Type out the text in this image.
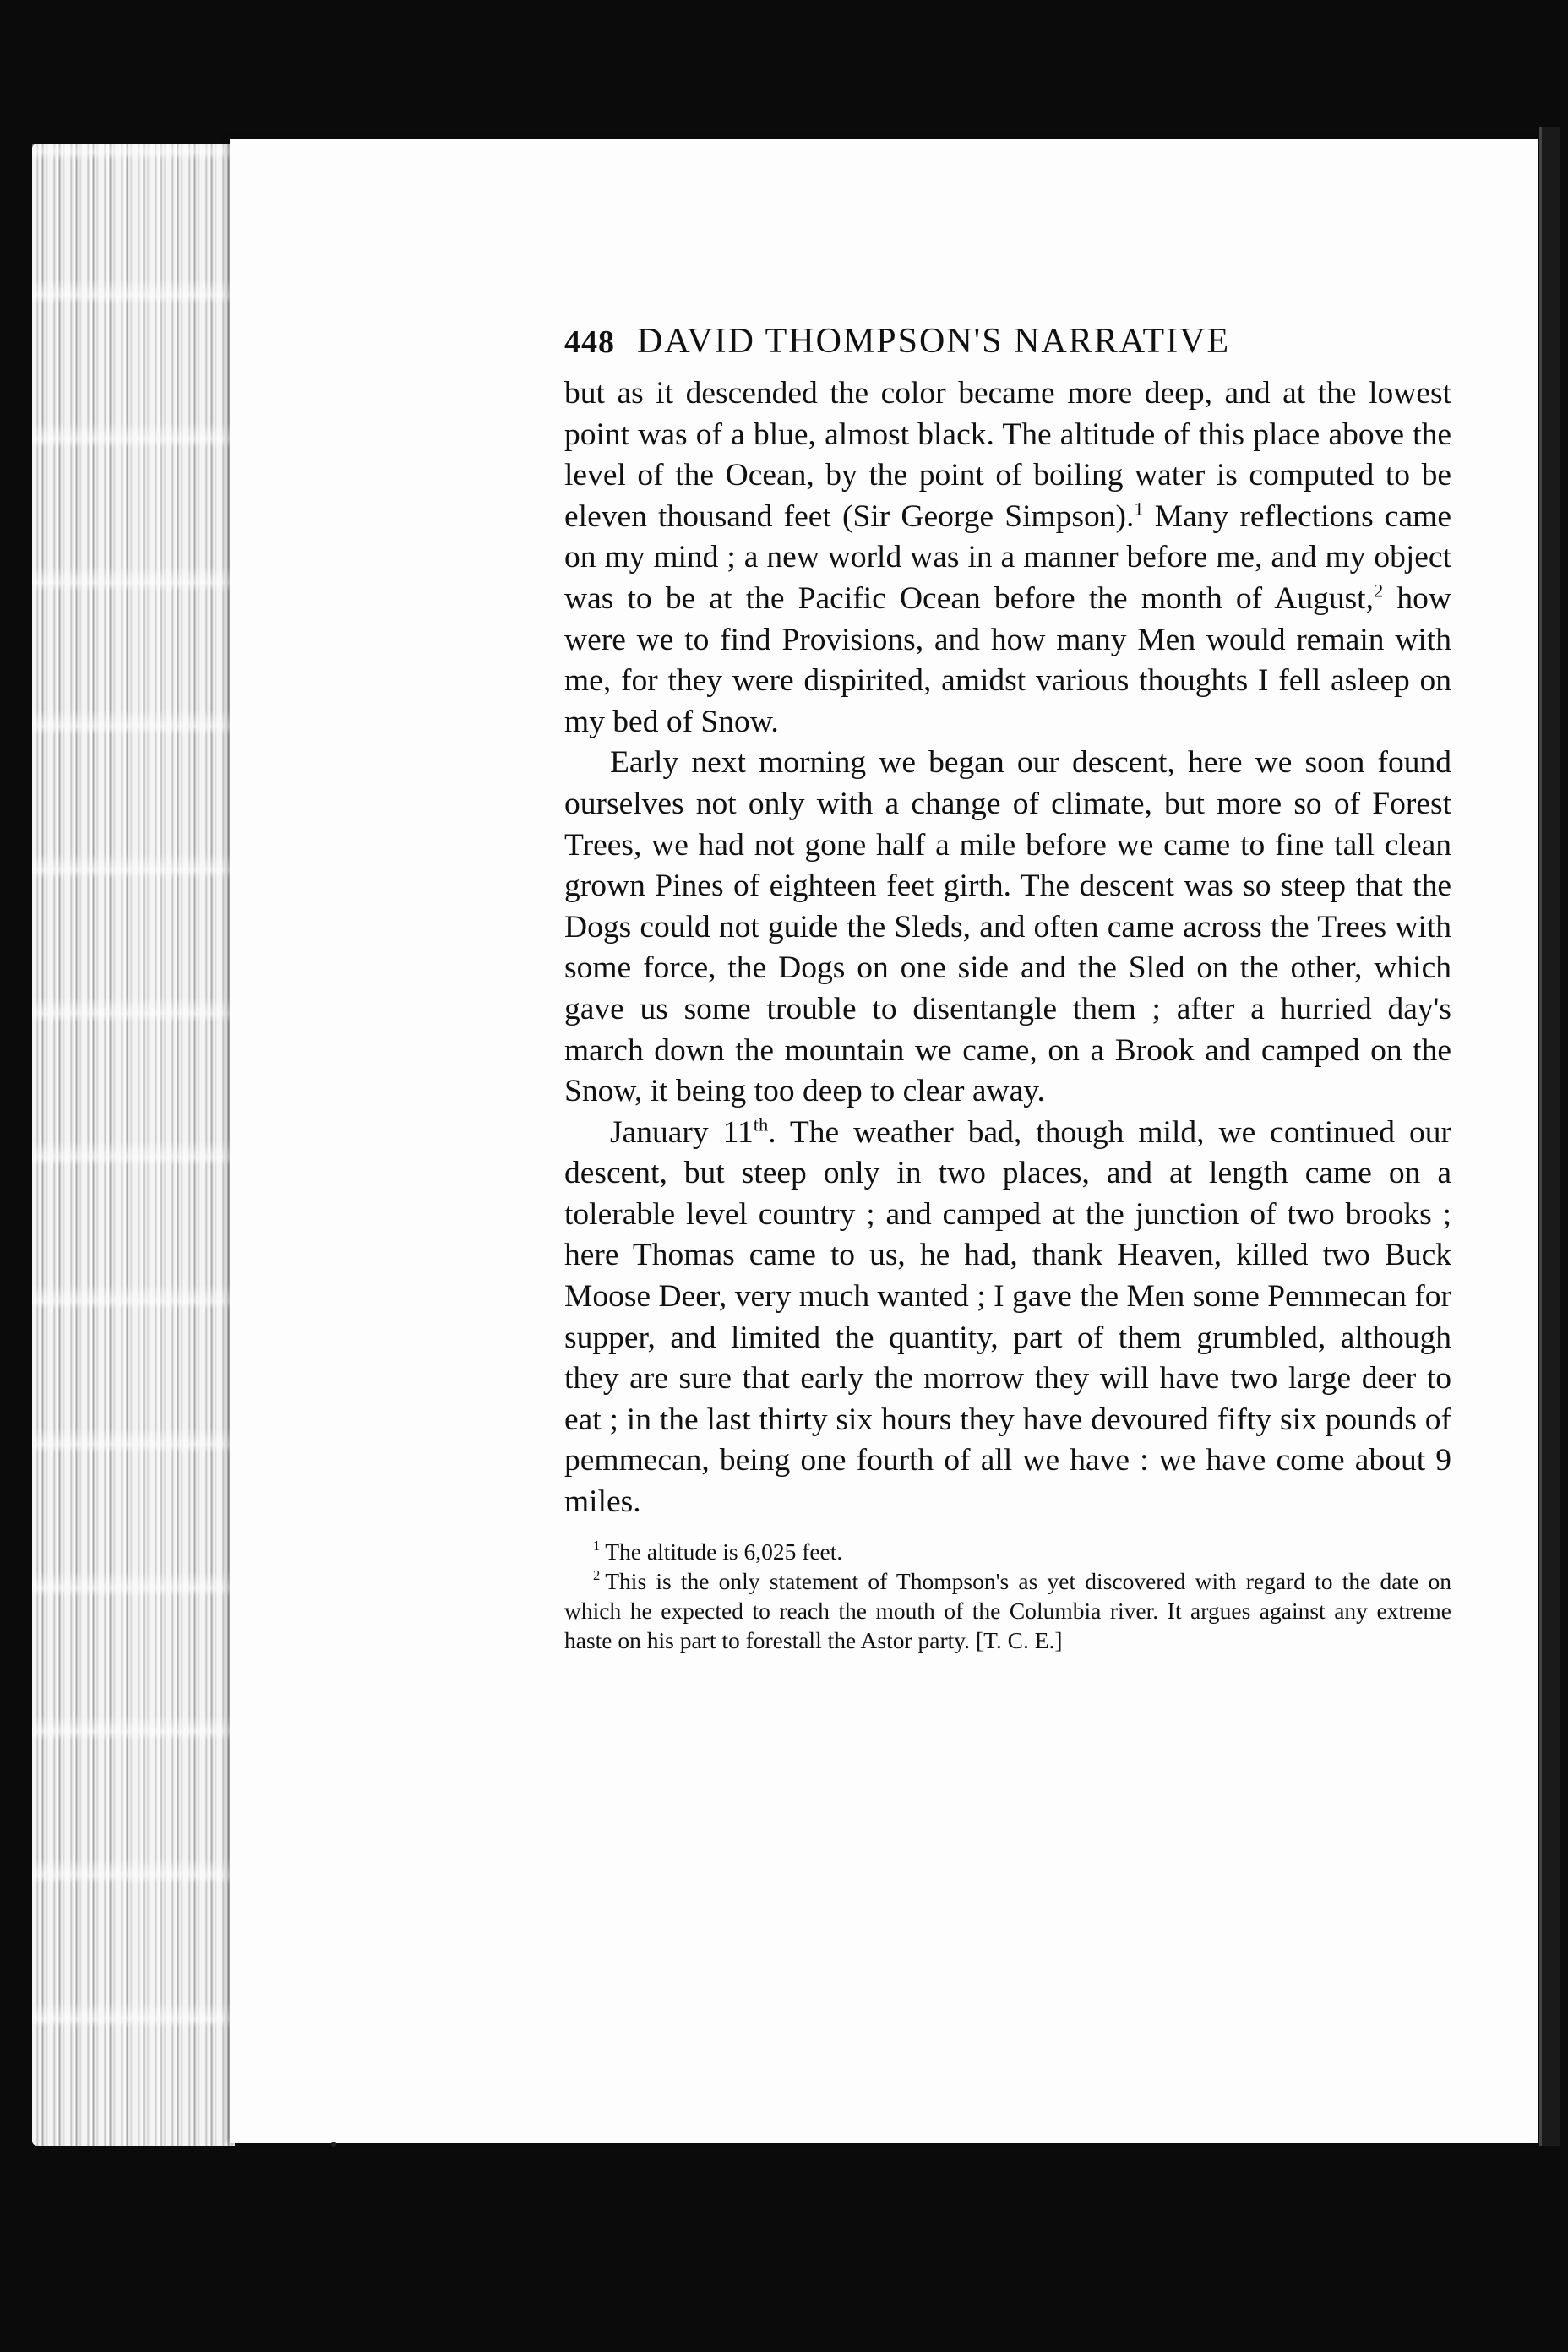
448 DAVID THOMPSON'S NARRATIVE

but as it descended the color became more deep, and at the lowest point was of a blue, almost black. The altitude of this place above the level of the Ocean, by the point of boiling water is computed to be eleven thousand feet (Sir George Simpson).$^1$ Many reflections came on my mind ; a new world was in a manner before me, and my object was to be at the Pacific Ocean before the month of August,$^2$ how were we to find Provisions, and how many Men would remain with me, for they were dispirited, amidst various thoughts I fell asleep on my bed of Snow.

Early next morning we began our descent, here we soon found ourselves not only with a change of climate, but more so of Forest Trees, we had not gone half a mile before we came to fine tall clean grown Pines of eighteen feet girth. The descent was so steep that the Dogs could not guide the Sleds, and often came across the Trees with some force, the Dogs on one side and the Sled on the other, which gave us some trouble to disentangle them ; after a hurried day's march down the mountain we came, on a Brook and camped on the Snow, it being too deep to clear away.

January 11th. The weather bad, though mild, we continued our descent, but steep only in two places, and at length came on a tolerable level country ; and camped at the junction of two brooks ; here Thomas came to us, he had, thank Heaven, killed two Buck Moose Deer, very much wanted ; I gave the Men some Pemmecan for supper, and limited the quantity, part of them grumbled, although they are sure that early the morrow they will have two large deer to eat ; in the last thirty six hours they have devoured fifty six pounds of pemmecan, being one fourth of all we have : we have come about 9 miles.

$^1$ The altitude is 6,025 feet.

$^2$ This is the only statement of Thompson's as yet discovered with regard to the date on which he expected to reach the mouth of the Columbia river. It argues against any extreme haste on his part to forestall the Astor party. [T. C. E.]
